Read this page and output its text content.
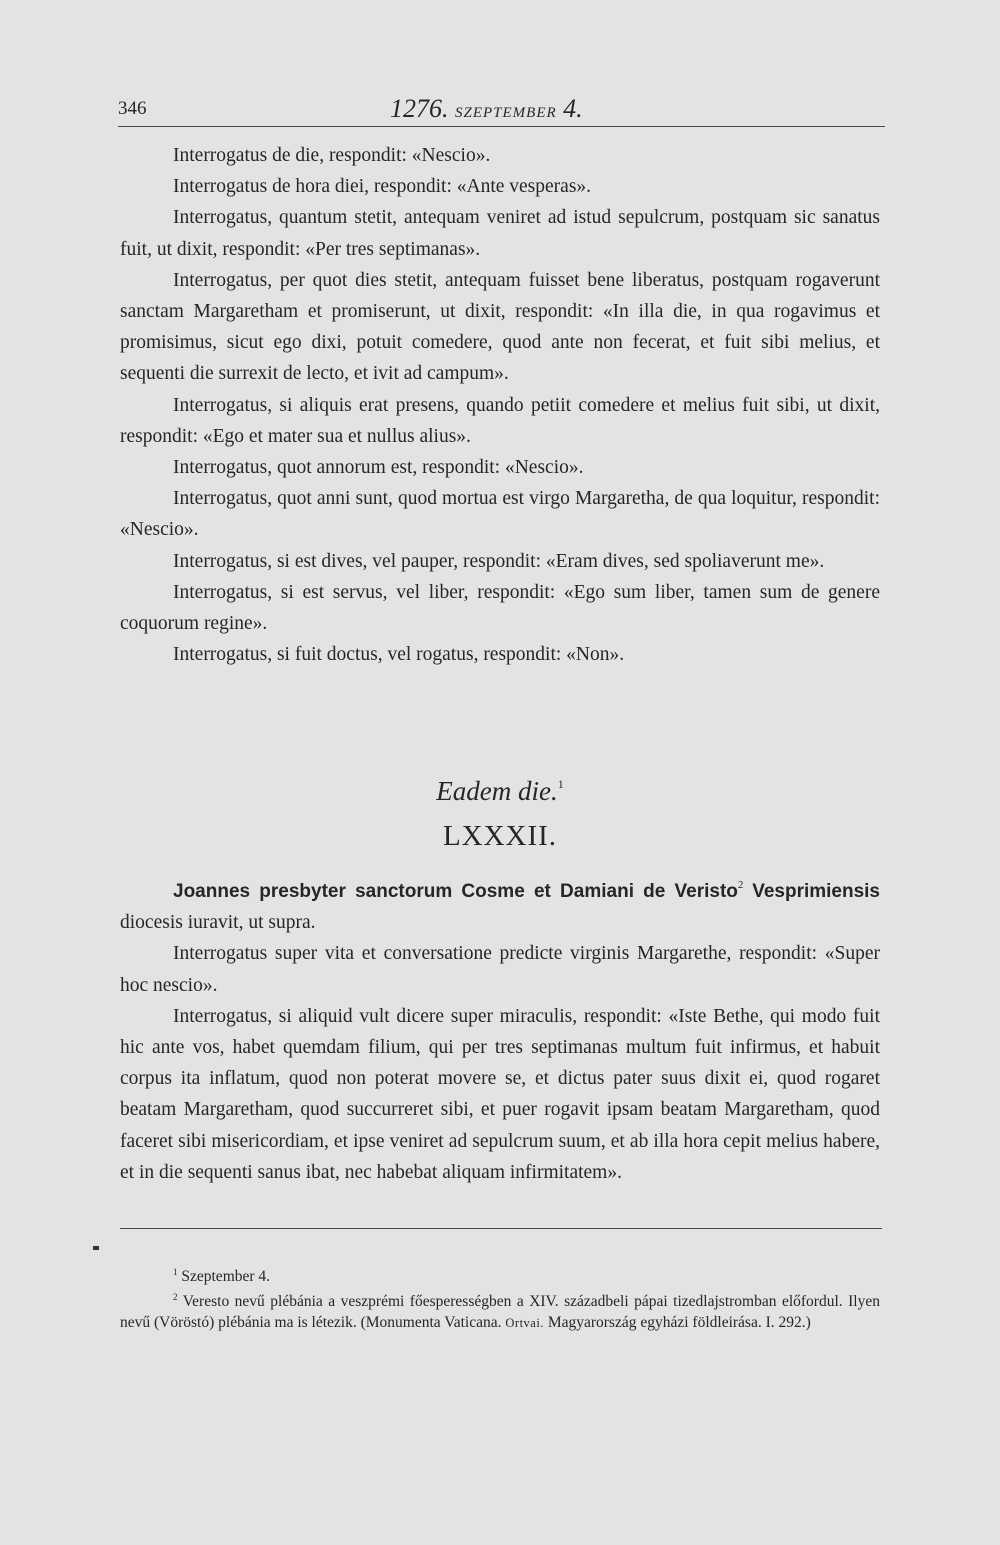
346	1276. SZEPTEMBER 4.

Interrogatus de die, respondit: «Nescio».

Interrogatus de hora diei, respondit: «Ante vesperas».

Interrogatus, quantum stetit, antequam veniret ad istud sepulcrum, postquam sic sanatus fuit, ut dixit, respondit: «Per tres septimanas».

Interrogatus, per quot dies stetit, antequam fuisset bene liberatus, postquam rogaverunt sanctam Margaretham et promiserunt, ut dixit, respondit: «In illa die, in qua rogavimus et promisimus, sicut ego dixi, potuit comedere, quod ante non fecerat, et fuit sibi melius, et sequenti die surrexit de lecto, et ivit ad campum».

Interrogatus, si aliquis erat presens, quando petiit comedere et melius fuit sibi, ut dixit, respondit: «Ego et mater sua et nullus alius».

Interrogatus, quot annorum est, respondit: «Nescio».

Interrogatus, quot anni sunt, quod mortua est virgo Margaretha, de qua loquitur, respondit: «Nescio».

Interrogatus, si est dives, vel pauper, respondit: «Eram dives, sed spoliaverunt me».

Interrogatus, si est servus, vel liber, respondit: «Ego sum liber, tamen sum de genere coquorum regine».

Interrogatus, si fuit doctus, vel rogatus, respondit: «Non».

Eadem die.$^1$
LXXXII.

Joannes presbyter sanctorum Cosme et Damiani de Veristo$^2$ Vesprimiensis diocesis iuravit, ut supra.

Interrogatus super vita et conversatione predicte virginis Margarethe, respondit: «Super hoc nescio».

Interrogatus, si aliquid vult dicere super miraculis, respondit: «Iste Bethe, qui modo fuit hic ante vos, habet quemdam filium, qui per tres septimanas multum fuit infirmus, et habuit corpus ita inflatum, quod non poterat movere se, et dictus pater suus dixit ei, quod rogaret beatam Margaretham, quod succurreret sibi, et puer rogavit ipsam beatam Margaretham, quod faceret sibi misericordiam, et ipse veniret ad sepulcrum suum, et ab illa hora cepit melius habere, et in die sequenti sanus ibat, nec habebat aliquam infirmitatem».

$^1$ Szeptember 4.

$^2$ Veresto nevű plébánia a veszprémi főesperességben a XIV. századbeli pápai tizedlajstromban előfordul. Ilyen nevű (Vöröstó) plébánia ma is létezik. (Monumenta Vaticana. Ortvai. Magyarország egyházi földleirása. I. 292.)
